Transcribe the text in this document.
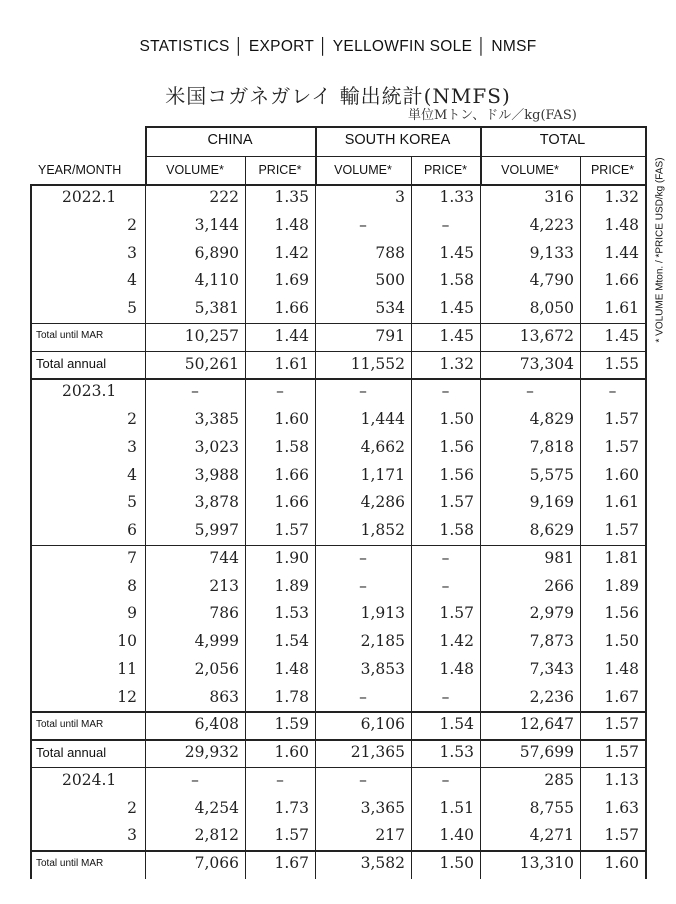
STATISTICS │ EXPORT │ YELLOWFIN SOLE │ NMSF
米国コガネガレイ 輸出統計(NMFS)
単位Mトン、ドル／kg(FAS)
* VOLUME Mton. / *PRICE USD/kg (FAS)
CHINA	SOUTH KOREA	TOTAL
VOLUME*	PRICE*	VOLUME*	PRICE*	VOLUME*	PRICE*
YEAR/MONTH
2022.1	222	1.35	3	1.33	316	1.32
2	3,144	1.48	–	–	4,223	1.48
3	6,890	1.42	788	1.45	9,133	1.44
4	4,110	1.69	500	1.58	4,790	1.66
5	5,381	1.66	534	1.45	8,050	1.61
Total until MAR	10,257	1.44	791	1.45	13,672	1.45
Total annual	50,261	1.61	11,552	1.32	73,304	1.55
2023.1	–	–	–	–	–	–
2	3,385	1.60	1,444	1.50	4,829	1.57
3	3,023	1.58	4,662	1.56	7,818	1.57
4	3,988	1.66	1,171	1.56	5,575	1.60
5	3,878	1.66	4,286	1.57	9,169	1.61
6	5,997	1.57	1,852	1.58	8,629	1.57
7	744	1.90	–	–	981	1.81
8	213	1.89	–	–	266	1.89
9	786	1.53	1,913	1.57	2,979	1.56
10	4,999	1.54	2,185	1.42	7,873	1.50
11	2,056	1.48	3,853	1.48	7,343	1.48
12	863	1.78	–	–	2,236	1.67
Total until MAR	6,408	1.59	6,106	1.54	12,647	1.57
Total annual	29,932	1.60	21,365	1.53	57,699	1.57
2024.1	–	–	–	–	285	1.13
2	4,254	1.73	3,365	1.51	8,755	1.63
3	2,812	1.57	217	1.40	4,271	1.57
Total until MAR	7,066	1.67	3,582	1.50	13,310	1.60
